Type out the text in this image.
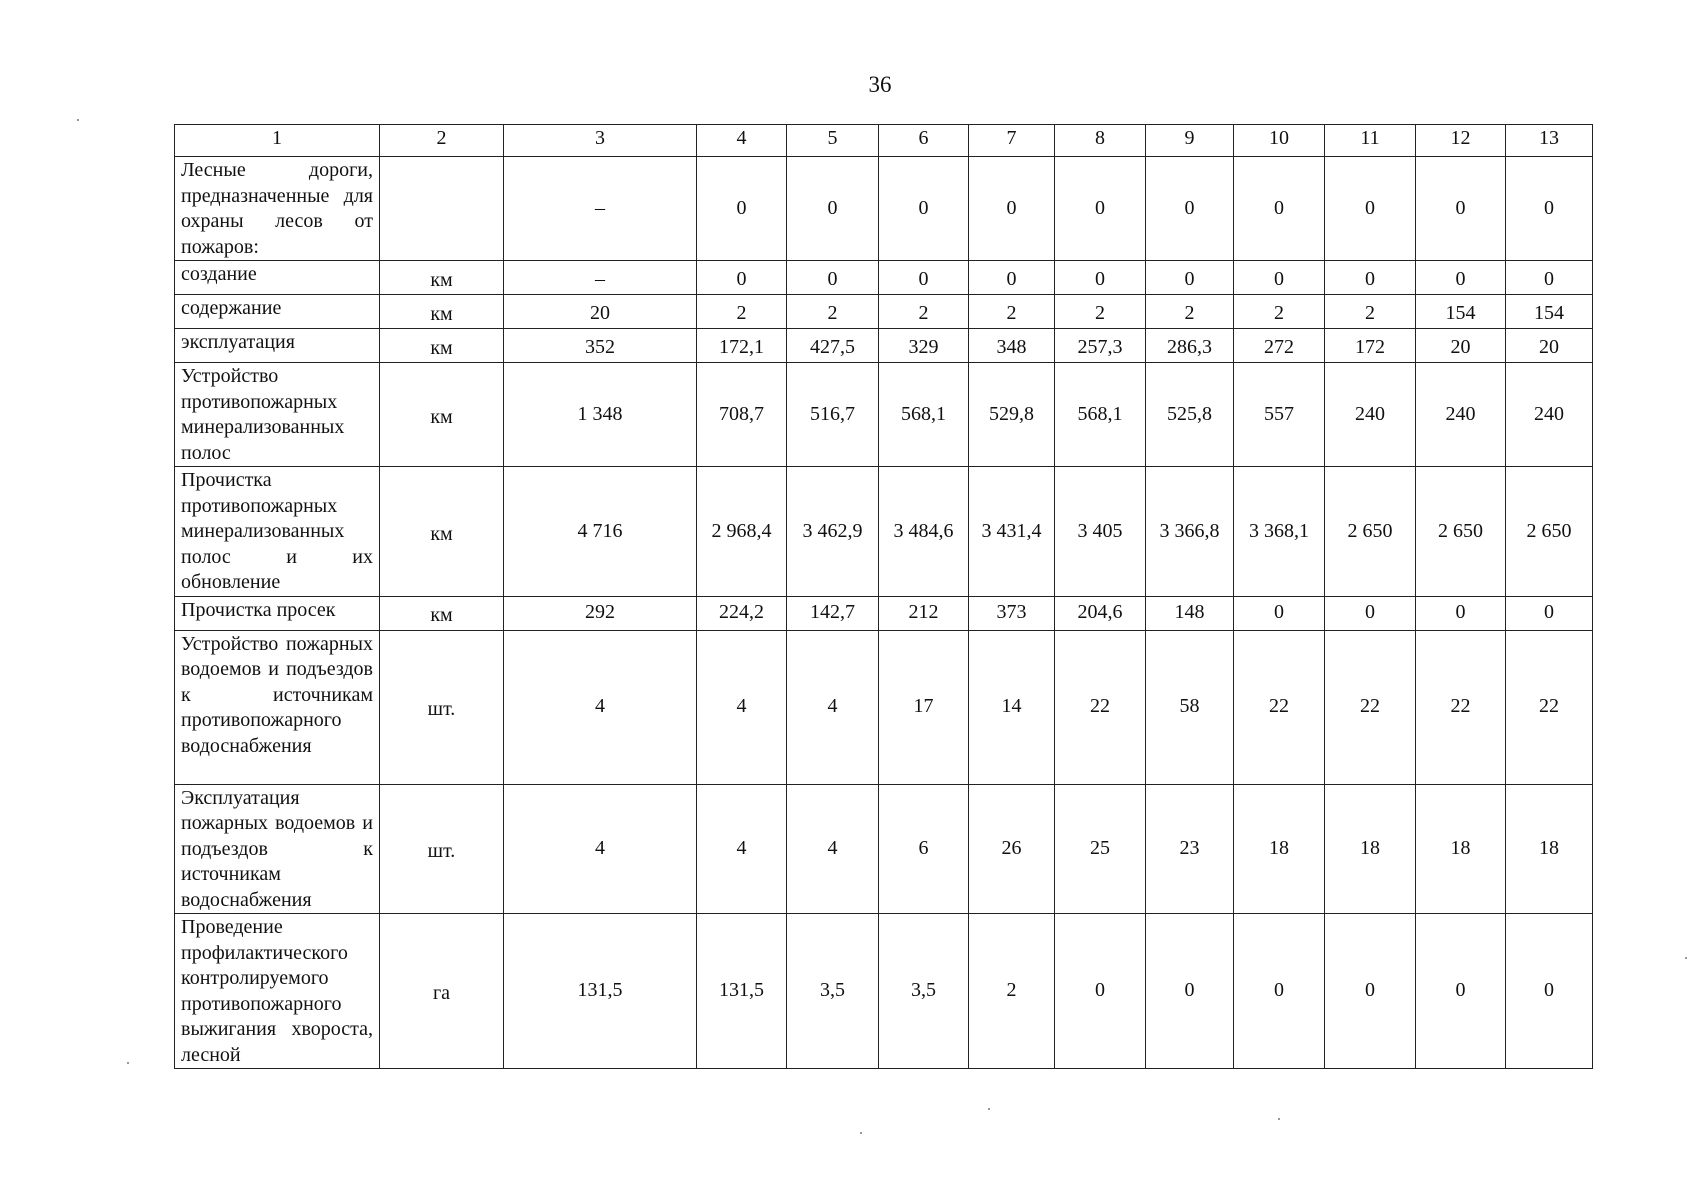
36
1	2	3	4	5	6	7	8	9	10	11	12	13
Лесные дороги, предназначенные для охраны лесов от пожаров:		–	0	0	0	0	0	0	0	0	0	0
создание	км	–	0	0	0	0	0	0	0	0	0	0
содержание	км	20	2	2	2	2	2	2	2	2	154	154
эксплуатация	км	352	172,1	427,5	329	348	257,3	286,3	272	172	20	20
Устройство противопожарных минерализованных полос	км	1 348	708,7	516,7	568,1	529,8	568,1	525,8	557	240	240	240
Прочистка противопожарных минерализованных полос и их обновление	км	4 716	2 968,4	3 462,9	3 484,6	3 431,4	3 405	3 366,8	3 368,1	2 650	2 650	2 650
Прочистка просек	км	292	224,2	142,7	212	373	204,6	148	0	0	0	0
Устройство пожарных водоемов и подъездов к источникам противопожарного водоснабжения	шт.	4	4	4	17	14	22	58	22	22	22	22
Эксплуатация пожарных водоемов и подъездов к источникам водоснабжения	шт.	4	4	4	6	26	25	23	18	18	18	18
Проведение профилактического контролируемого противопожарного выжигания хвороста, лесной	га	131,5	131,5	3,5	3,5	2	0	0	0	0	0	0
